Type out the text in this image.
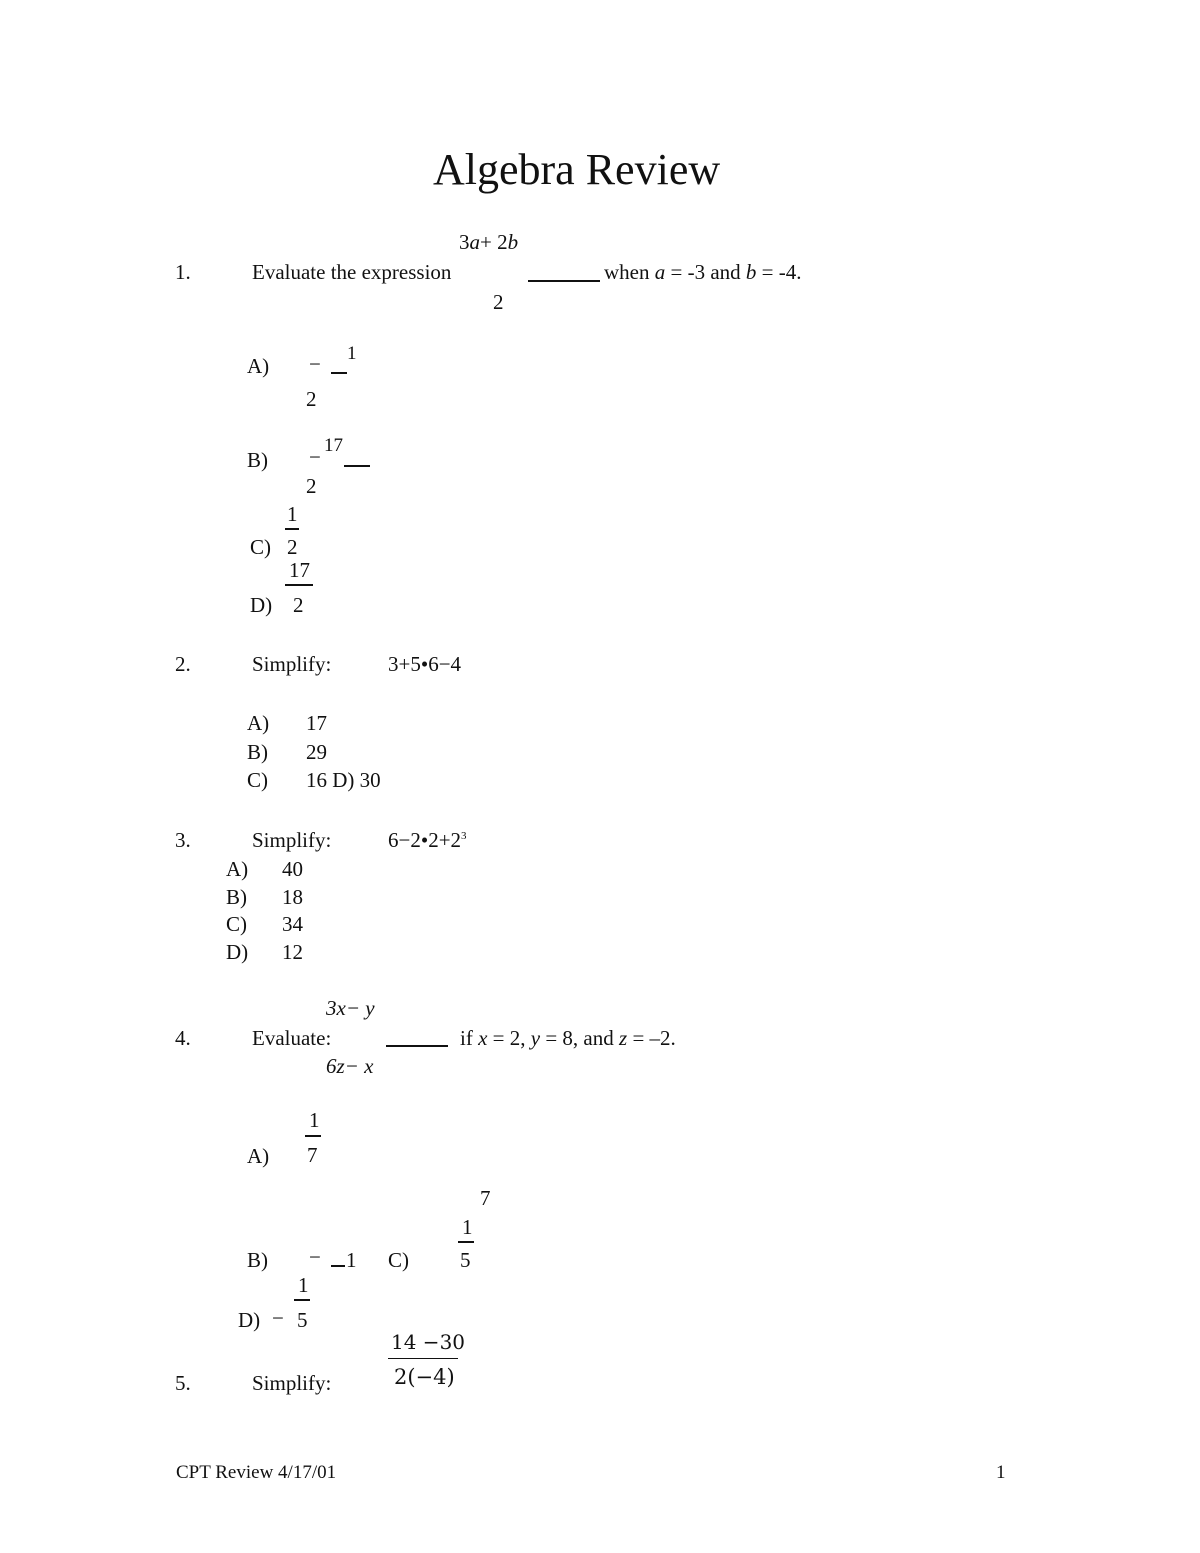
Algebra Review
3a+ 2b
1.	Evaluate the expression	when a = -3 and b = -4.
2
A) − 1
2
B) − 17
2
1
C) 2
17
D) 2
2.	Simplify:	3+5•6−4
A) 17
B) 29
C) 16 D) 30
3.	Simplify:	$6-2•2+2^3$
A) 40
B) 18
C) 34
D) 12
3x− y
4.	Evaluate:	if x = 2, y = 8, and z = –2.
6z− x
1
A) 7
7
1
B) − 1 C) 5
1
D) − 5
14 −30
5.	Simplify:	2(−4)
CPT Review 4/17/01	1
